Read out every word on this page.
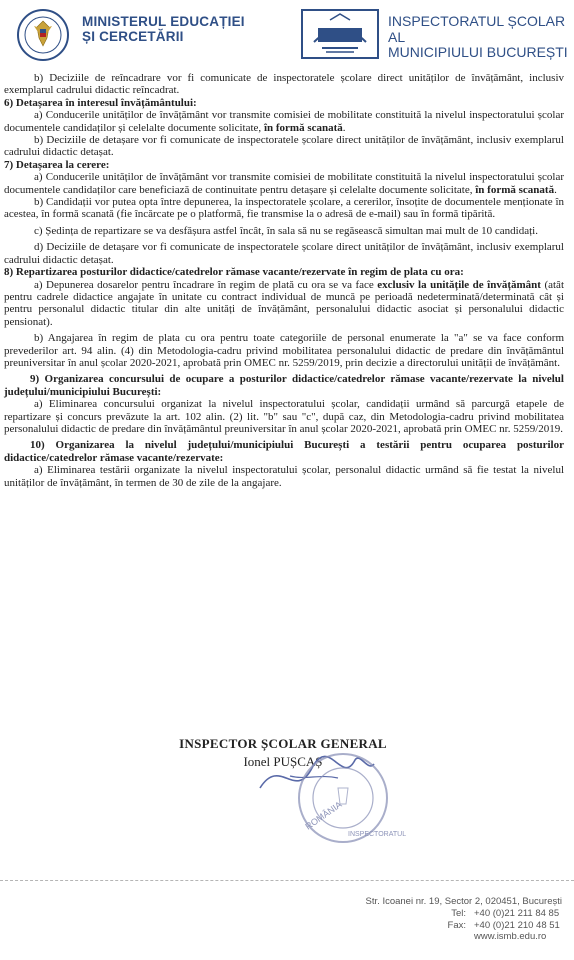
MINISTERUL EDUCAȚIEI
ȘI CERCETĂRII
INSPECTORATUL ȘCOLAR AL
MUNICIPIULUI BUCUREȘTI

b) Deciziile de reîncadrare vor fi comunicate de inspectoratele școlare direct unităților de învățământ, inclusiv exemplarul cadrului didactic reîncadrat.

6) Detașarea în interesul învățământului:

a) Conducerile unităților de învățământ vor transmite comisiei de mobilitate constituită la nivelul inspectoratului școlar documentele candidaților și celelalte documente solicitate, în formă scanată.

b) Deciziile de detașare vor fi comunicate de inspectoratele școlare direct unităților de învățământ, inclusiv exemplarul cadrului didactic detașat.

7) Detașarea la cerere:

a) Conducerile unităților de învățământ vor transmite comisiei de mobilitate constituită la nivelul inspectoratului școlar documentele candidaților care beneficiază de continuitate pentru detașare și celelalte documente solicitate, în formă scanată.

b) Candidații vor putea opta între depunerea, la inspectoratele școlare, a cererilor, însoțite de documentele menționate în acestea, în formă scanată (fie încărcate pe o platformă, fie transmise la o adresă de e-mail) sau în formă tipărită.

c) Ședința de repartizare se va desfășura astfel încât, în sala să nu se regăsească simultan mai mult de 10 candidați.

d) Deciziile de detașare vor fi comunicate de inspectoratele școlare direct unităților de învățământ, inclusiv exemplarul cadrului didactic detașat.

8) Repartizarea posturilor didactice/catedrelor rămase vacante/rezervate în regim de plata cu ora:

a) Depunerea dosarelor pentru încadrare în regim de plată cu ora se va face exclusiv la unitățile de învățământ (atât pentru cadrele didactice angajate în unitate cu contract individual de muncă pe perioadă nedeterminată/determinată cât și pentru personalul didactic titular din alte unități de învățământ, personalului didactic asociat și personalului didactic pensionat).

b) Angajarea în regim de plata cu ora pentru toate categoriile de personal enumerate la "a" se va face conform prevederilor art. 94 alin. (4) din Metodologia-cadru privind mobilitatea personalului didactic de predare din învățământul preuniversitar în anul școlar 2020-2021, aprobată prin OMEC nr. 5259/2019, prin decizie a directorului unității de învățământ.

9) Organizarea concursului de ocupare a posturilor didactice/catedrelor rămase vacante/rezervate la nivelul județului/municipiului București:

a) Eliminarea concursului organizat la nivelul inspectoratului școlar, candidații urmând să parcurgă etapele de repartizare și concurs prevăzute la art. 102 alin. (2) lit. "b" sau "c", după caz, din Metodologia-cadru privind mobilitatea personalului didactic de predare din învățământul preuniversitar în anul școlar 2020-2021, aprobată prin OMEC nr. 5259/2019.

10) Organizarea la nivelul județului/municipiului București a testării pentru ocuparea posturilor didactice/catedrelor rămase vacante/rezervate:

a) Eliminarea testării organizate la nivelul inspectoratului școlar, personalul didactic urmând să fie testat la nivelul unităților de învățământ, în termen de 30 de zile de la angajare.

INSPECTOR ȘCOLAR GENERAL
Ionel PUȘCAȘ
ROMÂNIA
INSPECTORATUL
Str. Icoanei nr. 19, Sector 2, 020451, București
Tel: +40 (0)21 211 84 85
Fax: +40 (0)21 210 48 51
www.ismb.edu.ro
